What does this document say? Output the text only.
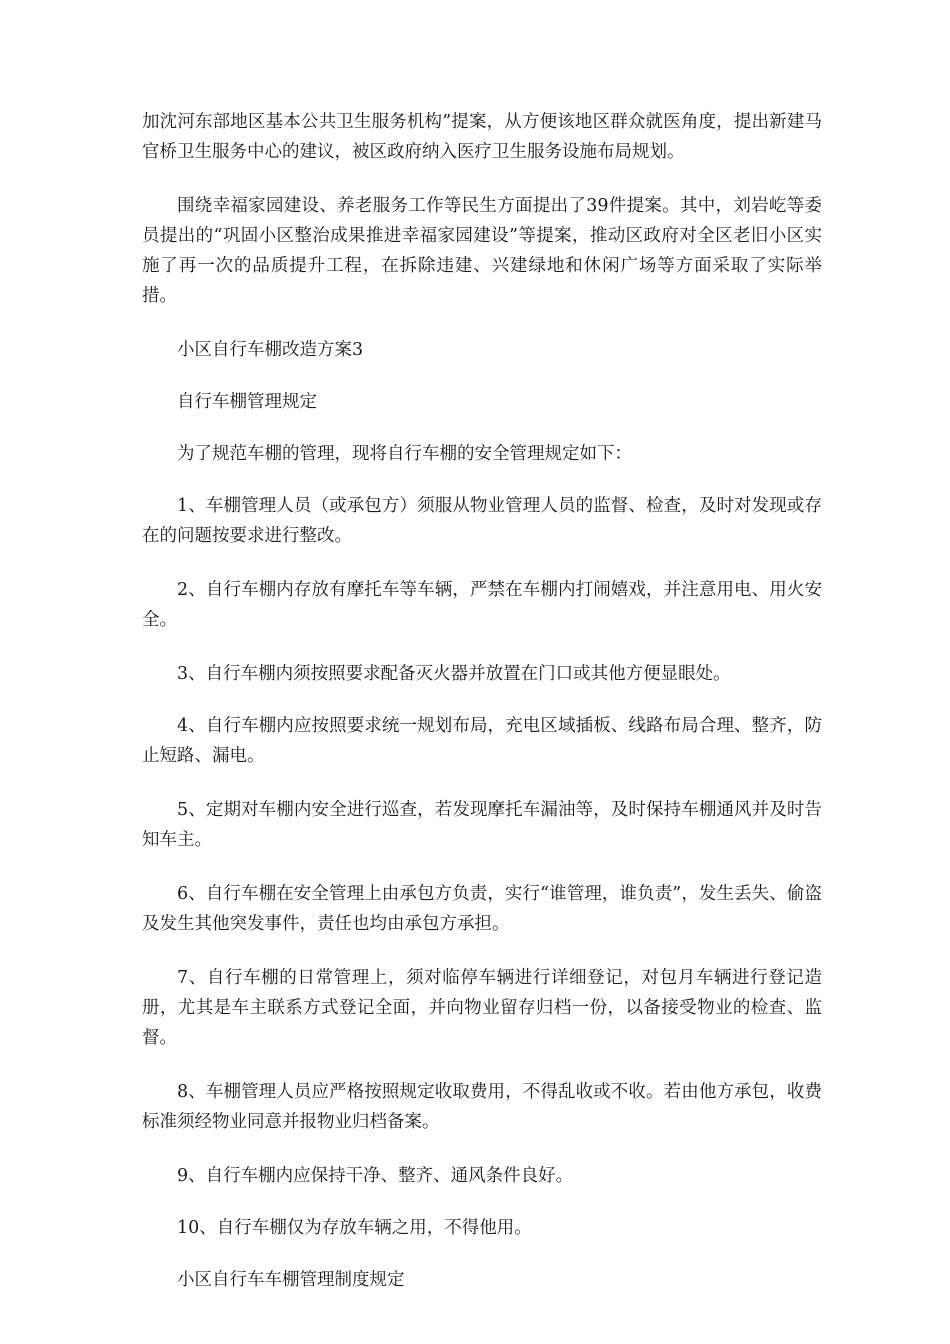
加沈河东部地区基本公共卫生服务机构”提案，从方便该地区群众就医角度，提出新建马官桥卫生服务中心的建议，被区政府纳入医疗卫生服务设施布局规划。

围绕幸福家园建设、养老服务工作等民生方面提出了39件提案。其中，刘岩屹等委员提出的“巩固小区整治成果推进幸福家园建设”等提案，推动区政府对全区老旧小区实施了再一次的品质提升工程，在拆除违建、兴建绿地和休闲广场等方面采取了实际举措。

小区自行车棚改造方案3

自行车棚管理规定

为了规范车棚的管理，现将自行车棚的安全管理规定如下：

1、车棚管理人员（或承包方）须服从物业管理人员的监督、检查，及时对发现或存在的问题按要求进行整改。

2、自行车棚内存放有摩托车等车辆，严禁在车棚内打闹嬉戏，并注意用电、用火安全。

3、自行车棚内须按照要求配备灭火器并放置在门口或其他方便显眼处。

4、自行车棚内应按照要求统一规划布局，充电区域插板、线路布局合理、整齐，防止短路、漏电。

5、定期对车棚内安全进行巡查，若发现摩托车漏油等，及时保持车棚通风并及时告知车主。

6、自行车棚在安全管理上由承包方负责，实行“谁管理，谁负责”，发生丢失、偷盗及发生其他突发事件，责任也均由承包方承担。

7、自行车棚的日常管理上，须对临停车辆进行详细登记，对包月车辆进行登记造册，尤其是车主联系方式登记全面，并向物业留存归档一份，以备接受物业的检查、监督。

8、车棚管理人员应严格按照规定收取费用，不得乱收或不收。若由他方承包，收费标准须经物业同意并报物业归档备案。

9、自行车棚内应保持干净、整齐、通风条件良好。

10、自行车棚仅为存放车辆之用，不得他用。

小区自行车车棚管理制度规定
